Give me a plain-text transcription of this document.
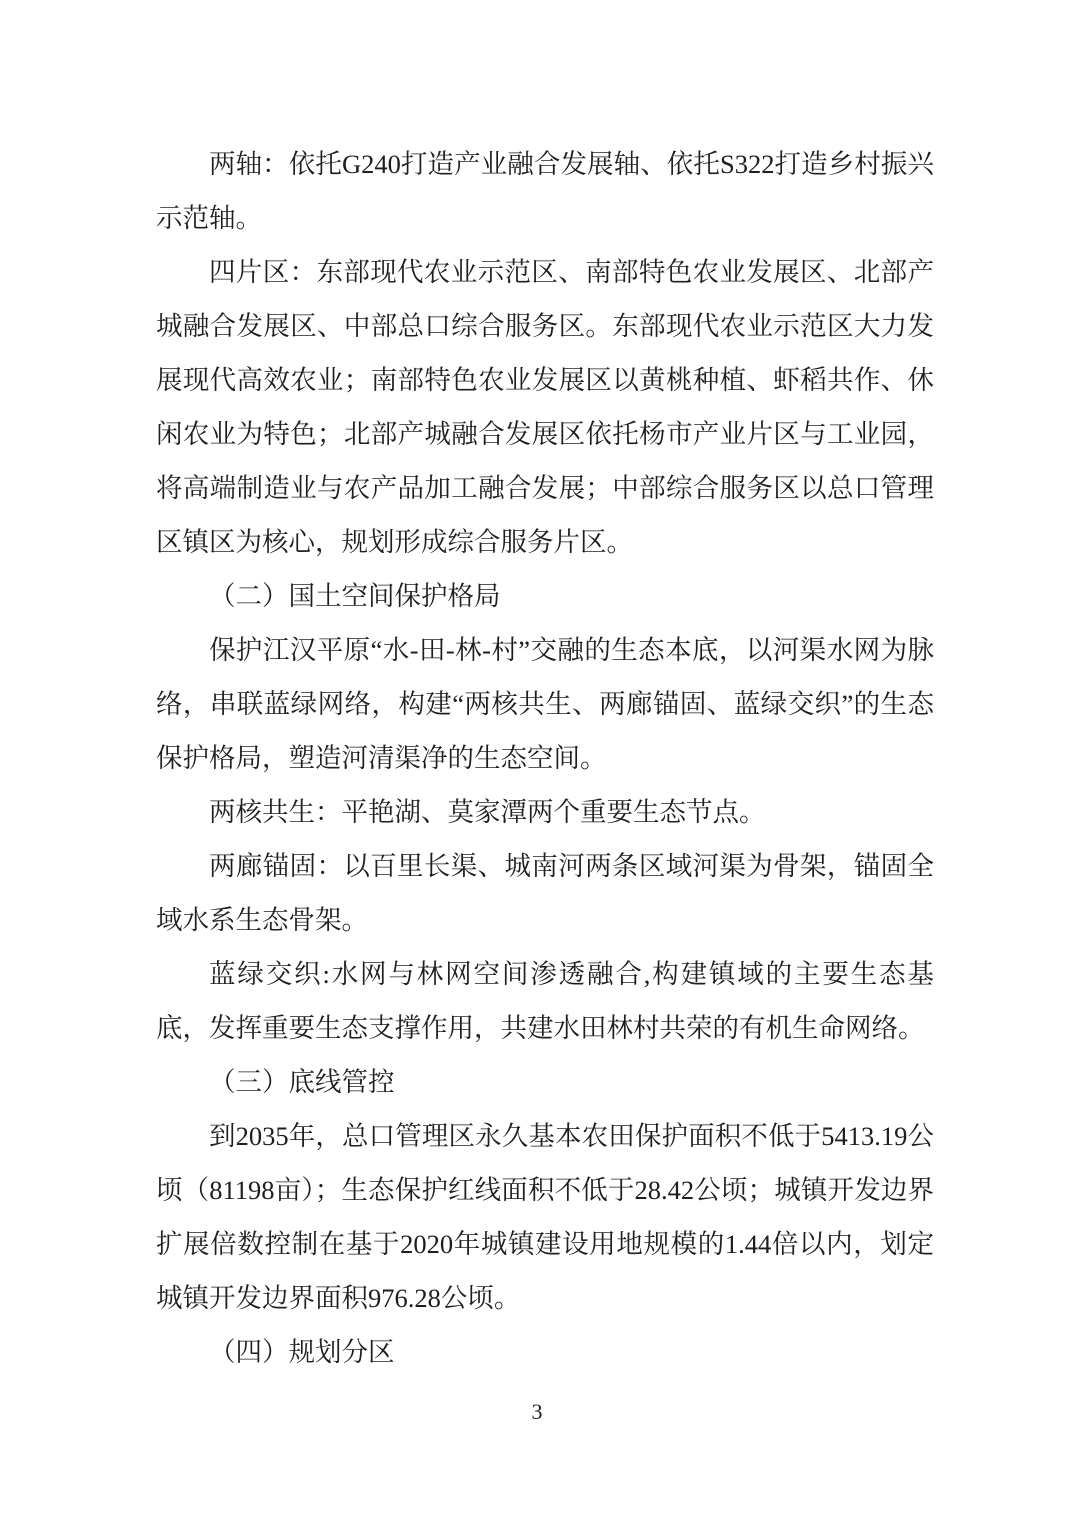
两轴：依托G240打造产业融合发展轴、依托S322打造乡村振兴示范轴。

四片区：东部现代农业示范区、南部特色农业发展区、北部产城融合发展区、中部总口综合服务区。东部现代农业示范区大力发展现代高效农业；南部特色农业发展区以黄桃种植、虾稻共作、休闲农业为特色；北部产城融合发展区依托杨市产业片区与工业园，将高端制造业与农产品加工融合发展；中部综合服务区以总口管理区镇区为核心，规划形成综合服务片区。

（二）国土空间保护格局

保护江汉平原“水-田-林-村”交融的生态本底，以河渠水网为脉络，串联蓝绿网络，构建“两核共生、两廊锚固、蓝绿交织”的生态保护格局，塑造河清渠净的生态空间。

两核共生：平艳湖、莫家潭两个重要生态节点。

两廊锚固：以百里长渠、城南河两条区域河渠为骨架，锚固全域水系生态骨架。

蓝绿交织:水网与林网空间渗透融合,构建镇域的主要生态基底，发挥重要生态支撑作用，共建水田林村共荣的有机生命网络。

（三）底线管控

到2035年，总口管理区永久基本农田保护面积不低于5413.19公顷（81198亩）；生态保护红线面积不低于28.42公顷；城镇开发边界扩展倍数控制在基于2020年城镇建设用地规模的1.44倍以内，划定城镇开发边界面积976.28公顷。

（四）规划分区

3
